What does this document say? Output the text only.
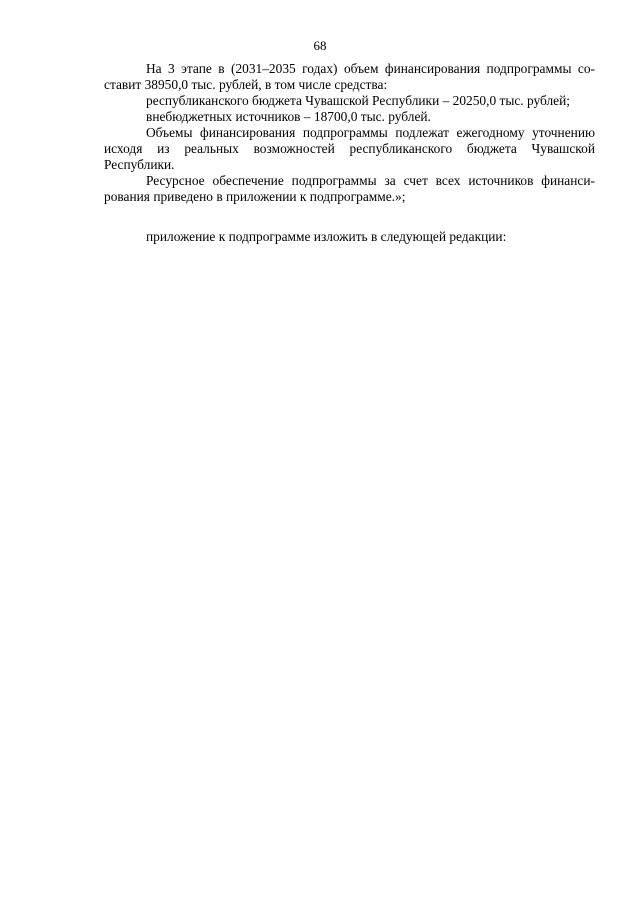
68

На 3 этапе в (2031–2035 годах) объем финансирования подпрограммы составит 38950,0 тыс. рублей, в том числе средства:

республиканского бюджета Чувашской Республики – 20250,0 тыс. рублей;

внебюджетных источников – 18700,0 тыс. рублей.

Объемы финансирования подпрограммы подлежат ежегодному уточнению исходя из реальных возможностей республиканского бюджета Чувашской Республики.

Ресурсное обеспечение подпрограммы за счет всех источников финансирования приведено в приложении к подпрограмме.»;

приложение к подпрограмме изложить в следующей редакции:
